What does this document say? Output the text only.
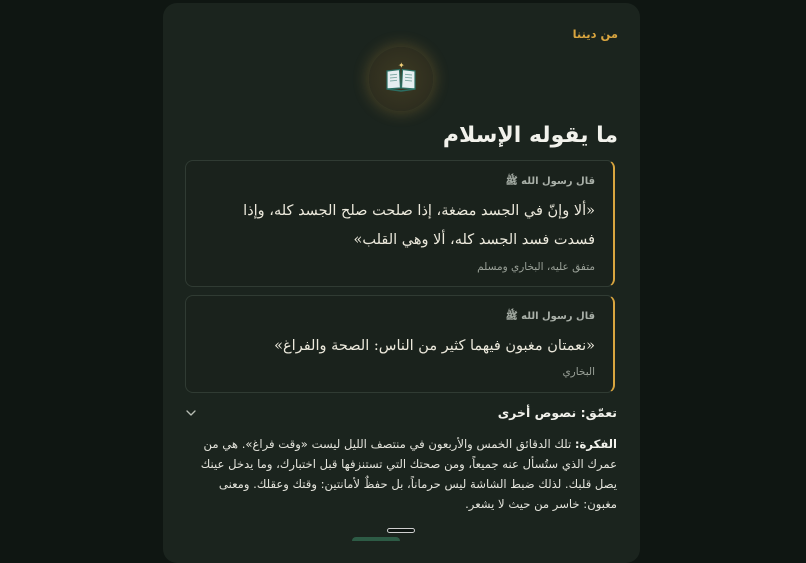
من ديننا
✦
ما يقوله الإسلام
قال رسول الله ﷺ
«ألا وإنّ في الجسد مضغة، إذا صلحت صلح الجسد كله، وإذا فسدت فسد الجسد كله، ألا وهي القلب»
متفق عليه، البخاري ومسلم
قال رسول الله ﷺ
«نعمتان مغبون فيهما كثير من الناس: الصحة والفراغ»
البخاري
تعمّق: نصوص أخرى
الفكرة: تلك الدقائق الخمس والأربعون في منتصف الليل ليست «وقت فراغ». هي من عمرك الذي ستُسأل عنه جميعاً، ومن صحتك التي تستنزفها قبل اختبارك، وما يدخل عينك يصل قلبك. لذلك ضبط الشاشة ليس حرماناً، بل حفظٌ لأمانتين: وقتك وعقلك. ومعنى مغبون: خاسر من حيث لا يشعر.
